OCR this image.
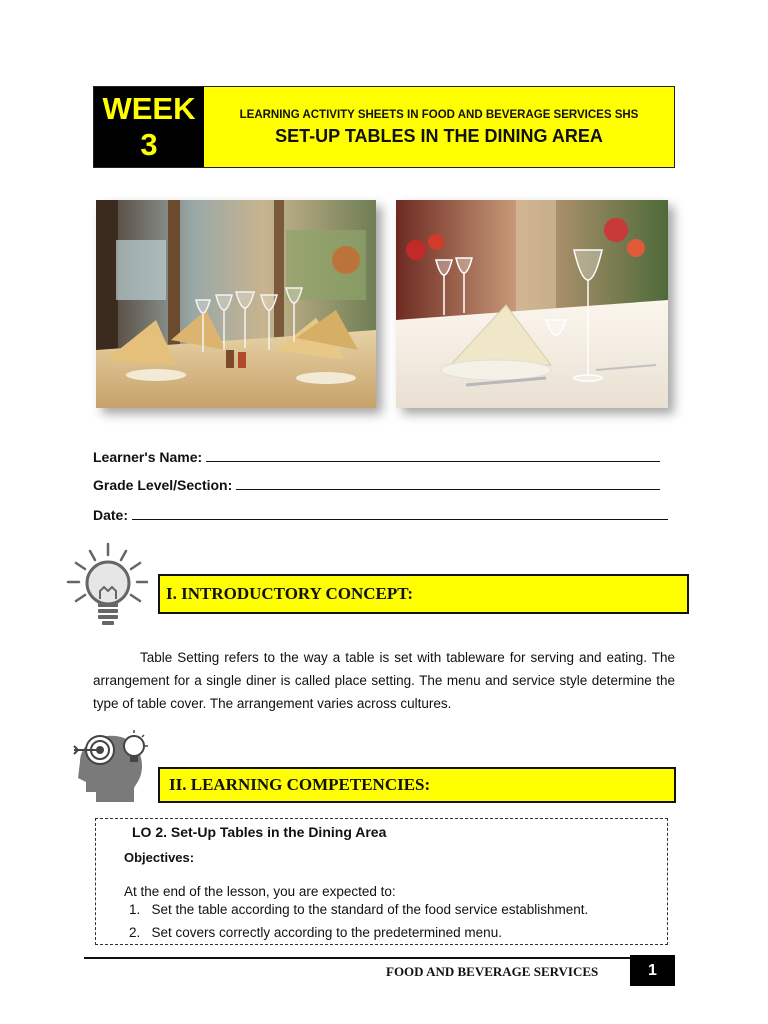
WEEK
3
LEARNING ACTIVITY SHEETS IN FOOD AND BEVERAGE SERVICES SHS
SET-UP TABLES IN THE DINING AREA
Learner's Name:
Grade Level/Section:
Date:
I. INTRODUCTORY CONCEPT:
Table Setting refers to the way a table is set with tableware for serving and eating. The arrangement for a single diner is called place setting. The menu and service style determine the type of table cover. The arrangement varies across cultures.
II. LEARNING COMPETENCIES:
LO 2. Set-Up Tables in the Dining Area
Objectives:
At the end of the lesson, you are expected to:
1. Set the table according to the standard of the food service establishment.
2. Set covers correctly according to the predetermined menu.
FOOD AND BEVERAGE SERVICES	1
